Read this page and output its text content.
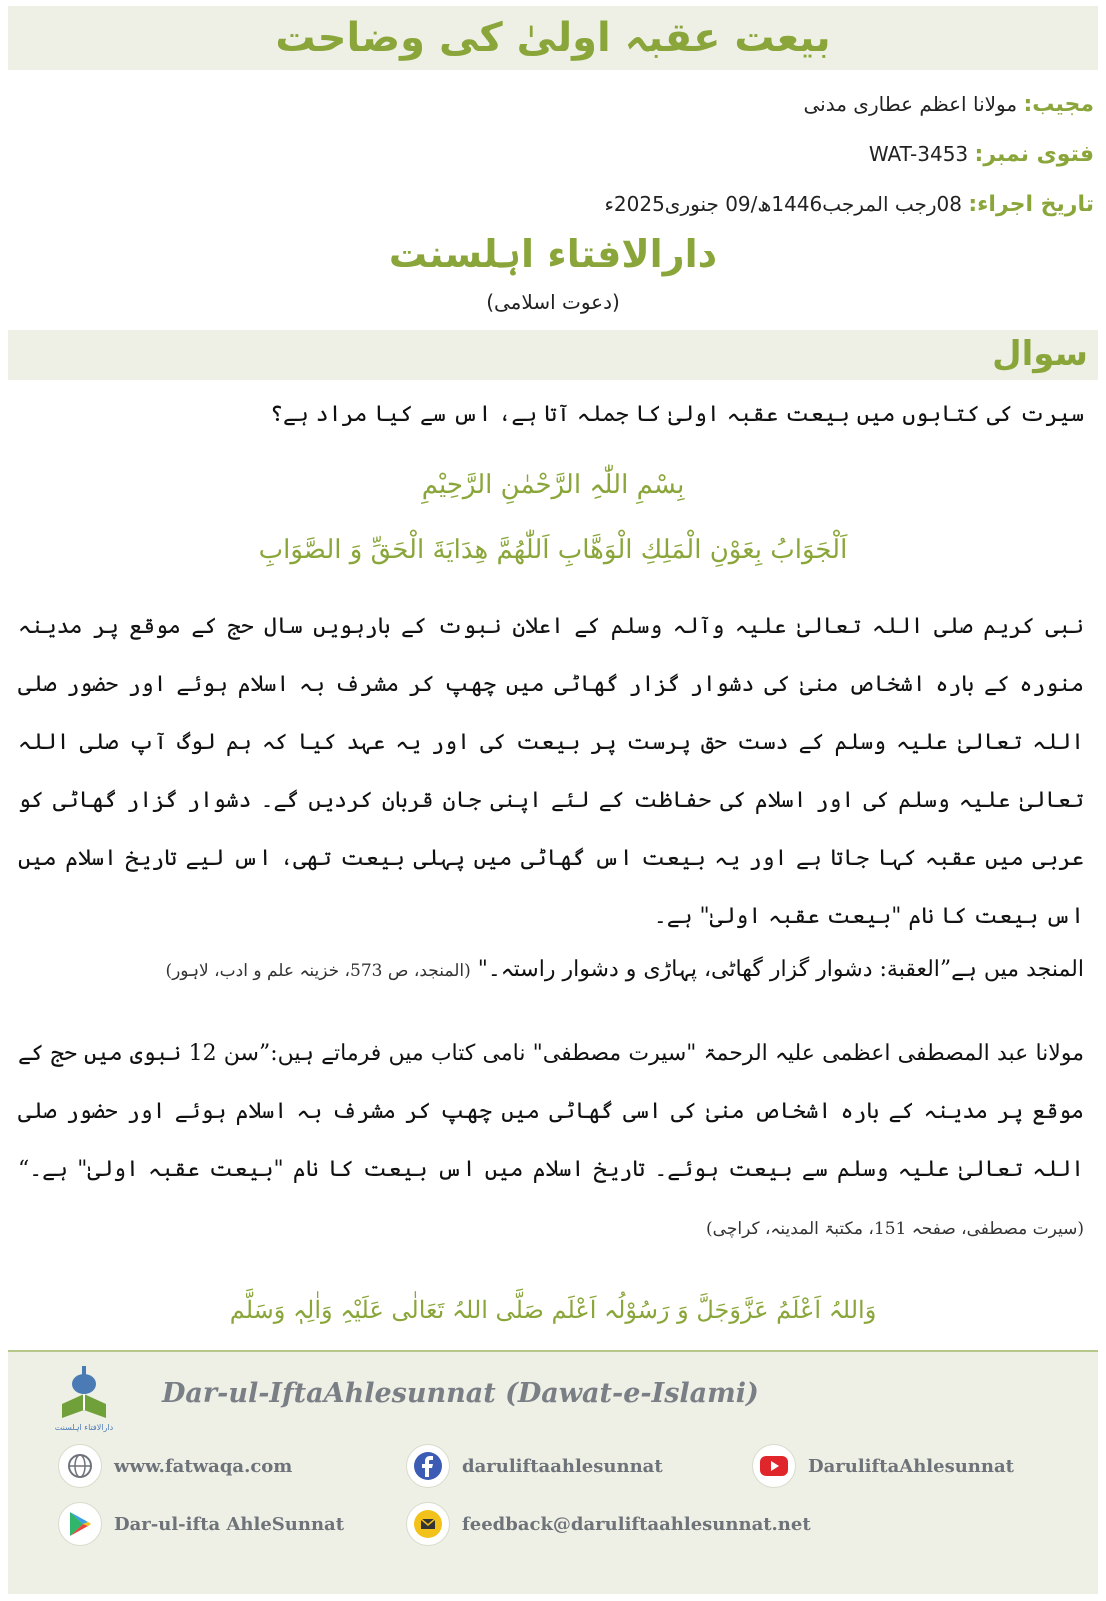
بیعت عقبہ اولیٰ کی وضاحت
مجیب: مولانا اعظم عطاری مدنی
فتوی نمبر: WAT-3453
تاریخ اجراء: 08رجب المرجب1446ھ/09 جنوری2025ء
دارالافتاء اہلسنت
(دعوت اسلامی)
سوال
سیرت کی کتابوں میں بیعت عقبہ اولیٰ کا جملہ آتا ہے، اس سے کیا مراد ہے؟
بِسْمِ اللّٰہِ الرَّحْمٰنِ الرَّحِیْمِ
اَلْجَوَابُ بِعَوْنِ الْمَلِكِ الْوَهَّابِ اَللّٰهُمَّ هِدَايَةَ الْحَقِّ وَ الصَّوَابِ
نبی کریم صلی اللہ تعالیٰ علیہ وآلہ وسلم کے اعلان نبوت کے بارہویں سال حج کے موقع پر مدینہ منورہ کے بارہ اشخاص منیٰ کی دشوار گزار گھاٹی میں چھپ کر مشرف بہ اسلام ہوئے اور حضور صلی اللہ تعالیٰ علیہ وسلم کے دست حق پرست پر بیعت کی اور یہ عہد کیا کہ ہم لوگ آپ صلی اللہ تعالیٰ علیہ وسلم کی اور اسلام کی حفاظت کے لئے اپنی جان قربان کردیں گے۔ دشوار گزار گھاٹی کو عربی میں عقبہ کہا جاتا ہے اور یہ بیعت اس گھاٹی میں پہلی بیعت تھی، اس لیے تاریخ اسلام میں اس بیعت کا نام "بیعت عقبہ اولیٰ" ہے۔
المنجد میں ہے”العقبة: دشوار گزار گھاٹی، پہاڑی و دشوار راستہ۔" (المنجد، ص 573، خزینہ علم و ادب، لاہور)
مولانا عبد المصطفی اعظمی علیہ الرحمۃ "سیرت مصطفی" نامی کتاب میں فرماتے ہیں:”سن 12 نبوی میں حج کے موقع پر مدینہ کے بارہ اشخاص منیٰ کی اسی گھاٹی میں چھپ کر مشرف بہ اسلام ہوئے اور حضور صلی اللہ تعالیٰ علیہ وسلم سے بیعت ہوئے۔ تاریخ اسلام میں اس بیعت کا نام "بیعت عقبہ اولیٰ" ہے۔“ (سیرت مصطفی، صفحہ 151، مکتبۃ المدینہ، کراچی)
وَاللہُ اَعْلَمُ عَزَّوَجَلَّ وَ رَسُوْلُہ اَعْلَم صَلَّی اللہُ تَعَالٰی عَلَیْہِ وَاٰلِہٖ وَسَلَّم
دارالافتاء اہلسنت
Dar-ul-IftaAhlesunnat (Dawat-e-Islami)
www.fatwaqa.com	daruliftaahlesunnat	DaruliftaAhlesunnat
Dar-ul-ifta AhleSunnat	feedback@daruliftaahlesunnat.net
